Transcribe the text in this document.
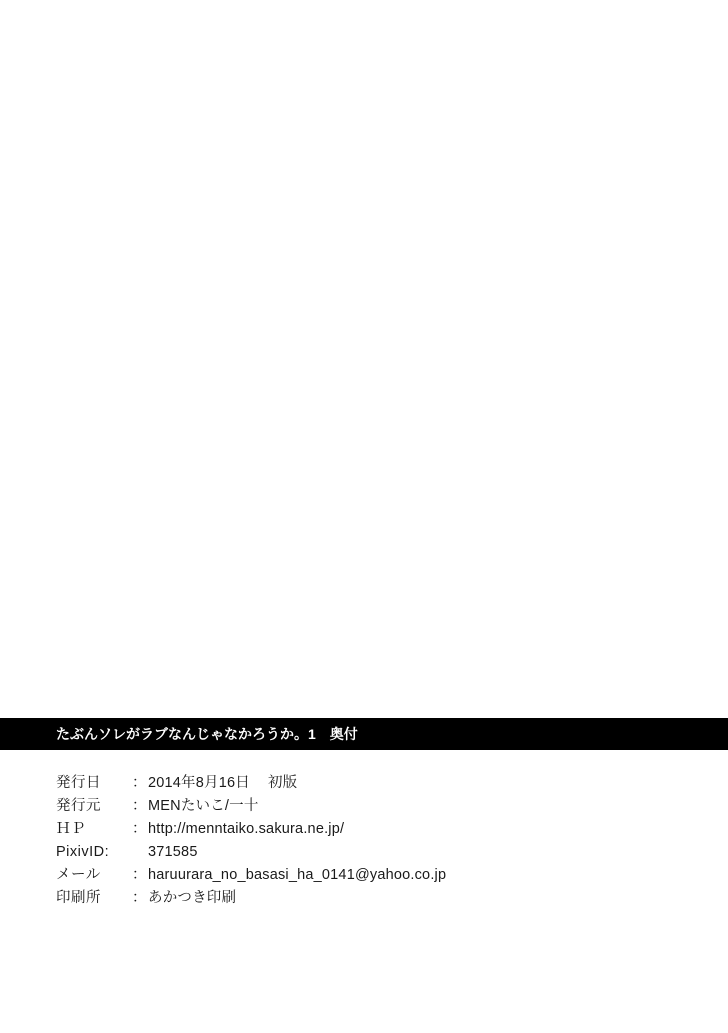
たぶんソレがラブなんじゃなかろうか。1　奥付
発行日	： 2014年8月16日 初版
発行元	： MENたいこ/一十
ＨＰ	： http://menntaiko.sakura.ne.jp/
PixivID:	371585
メール	： haruurara_no_basasi_ha_0141@yahoo.co.jp
印刷所	： あかつき印刷
